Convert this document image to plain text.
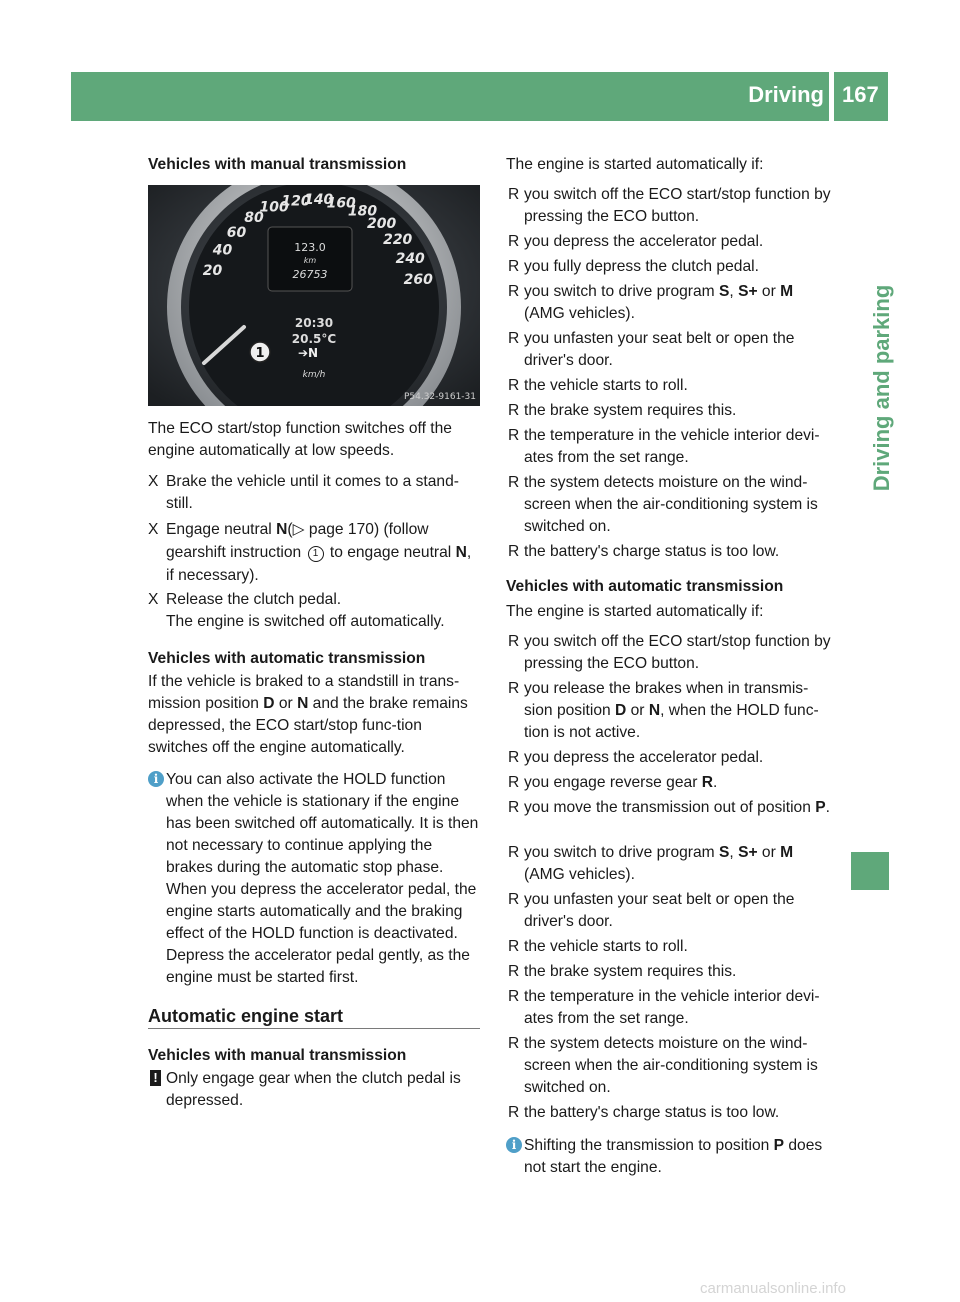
Driving 167
Driving and parking
Vehicles with manual transmission
20
40
60
80
100
120
140
160
180
200
220
240
260
123.0
km
26753
20:30
20.5°C
km/h
1	➔N
P54.32-9161-31
The ECO start/stop function switches off the engine automatically at low speeds.
X Brake the vehicle until it comes to a stand-still.
X Engage neutral N(▷ page 170) (follow gearshift instruction 1 to engage neutral N, if necessary).
X Release the clutch pedal.
The engine is switched off automatically.
Vehicles with automatic transmission
If the vehicle is braked to a standstill in trans-mission position D or N and the brake remains depressed, the ECO start/stop func-tion switches off the engine automatically.
i You can also activate the HOLD function when the vehicle is stationary if the engine has been switched off automatically. It is then not necessary to continue applying the brakes during the automatic stop phase. When you depress the accelerator pedal, the engine starts automatically and the braking effect of the HOLD function is deactivated. Depress the accelerator pedal gently, as the engine must be started first.
Automatic engine start
Vehicles with manual transmission
! Only engage gear when the clutch pedal is depressed.
The engine is started automatically if:
R you switch off the ECO start/stop function by pressing the ECO button.
R you depress the accelerator pedal.
R you fully depress the clutch pedal.
R you switch to drive program S, S+ or M (AMG vehicles).
R you unfasten your seat belt or open the driver's door.
R the vehicle starts to roll.
R the brake system requires this.
R the temperature in the vehicle interior devi-ates from the set range.
R the system detects moisture on the wind-screen when the air-conditioning system is switched on.
R the battery's charge status is too low.
Vehicles with automatic transmission
The engine is started automatically if:
R you switch off the ECO start/stop function by pressing the ECO button.
R you release the brakes when in transmis-sion position D or N, when the HOLD func-tion is not active.
R you depress the accelerator pedal.
R you engage reverse gear R.
R you move the transmission out of position P.
R you switch to drive program S, S+ or M (AMG vehicles).
R you unfasten your seat belt or open the driver's door.
R the vehicle starts to roll.
R the brake system requires this.
R the temperature in the vehicle interior devi-ates from the set range.
R the system detects moisture on the wind-screen when the air-conditioning system is switched on.
R the battery's charge status is too low.
i Shifting the transmission to position P does not start the engine.
carmanualsonline.info
